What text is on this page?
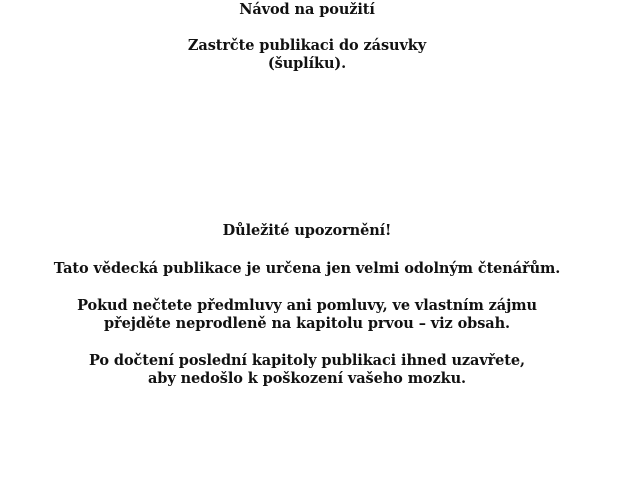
Návod na použití
Zastrčte publikaci do zásuvky
(šuplíku).
Důležité upozornění!
Tato vědecká publikace je určena jen velmi odolným čtenářům.
Pokud nečtete předmluvy ani pomluvy, ve vlastním zájmu
přejděte neprodleně na kapitolu prvou – viz obsah.
Po dočtení poslední kapitoly publikaci ihned uzavřete,
aby nedošlo k poškození vašeho mozku.
